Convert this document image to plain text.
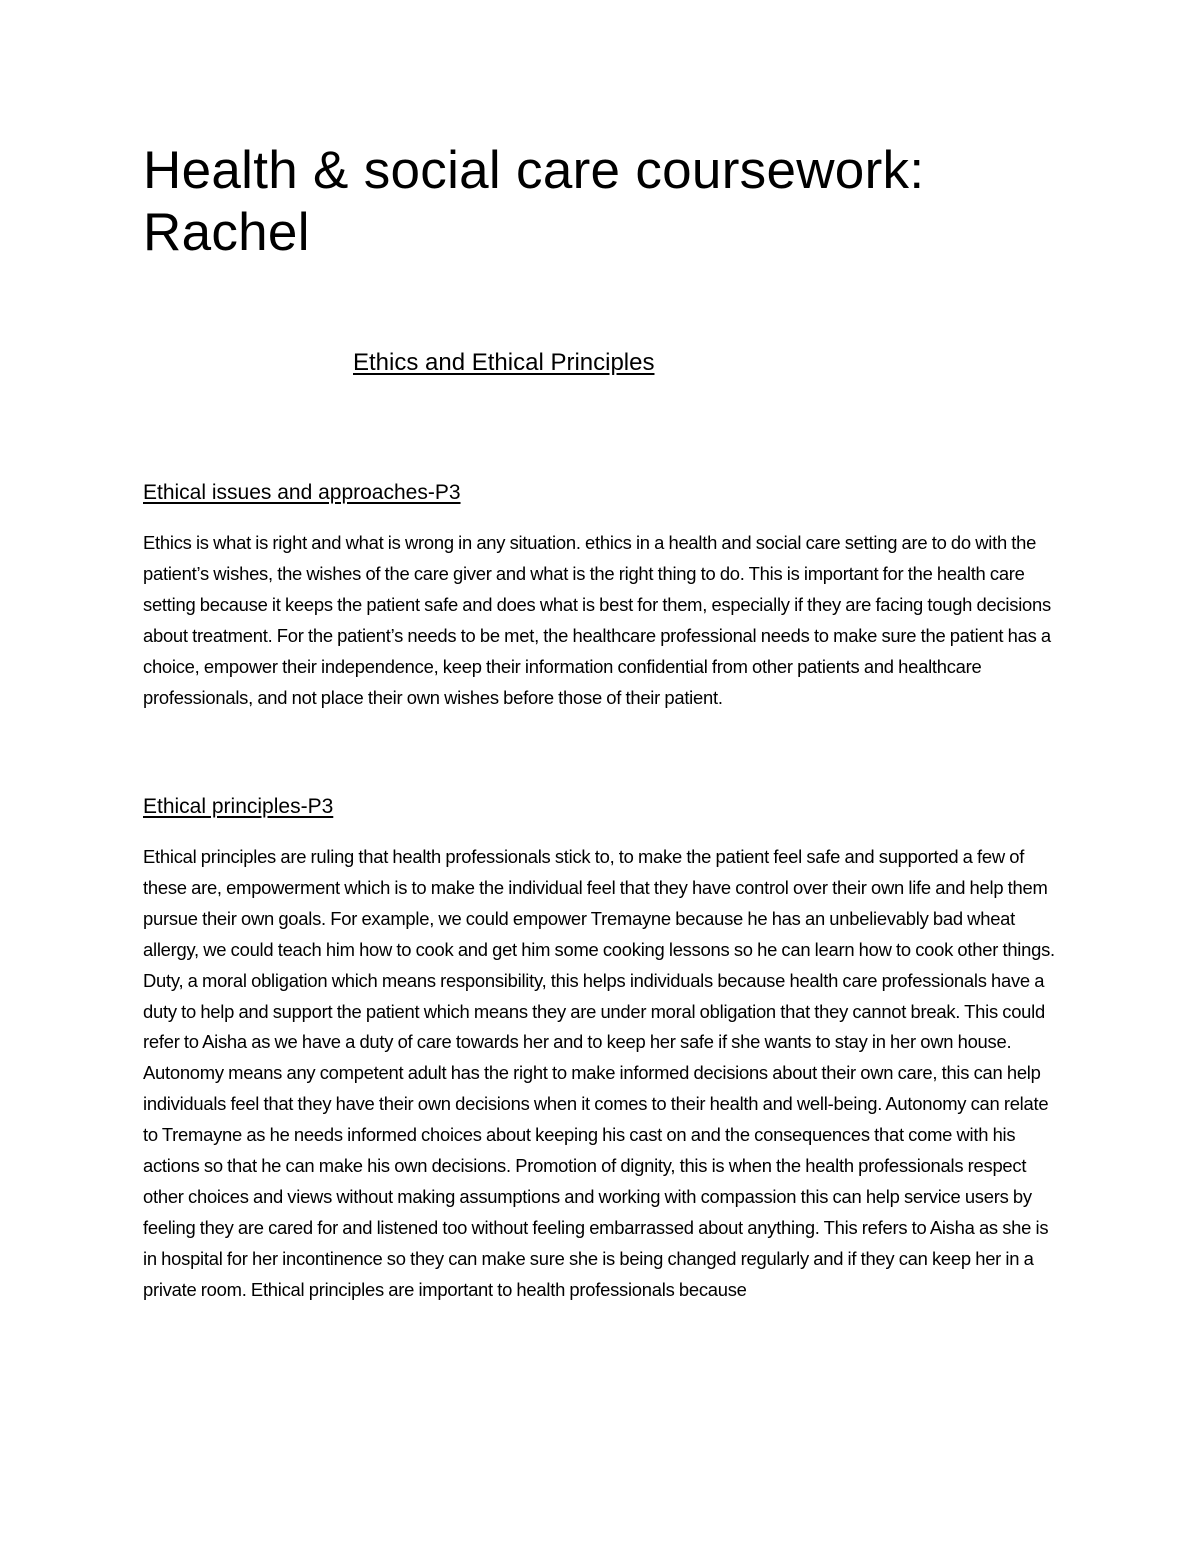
Health & social care coursework: Rachel
Ethics and Ethical Principles
Ethical issues and approaches-P3

Ethics is what is right and what is wrong in any situation. ethics in a health and social care setting are to do with the patient’s wishes, the wishes of the care giver and what is the right thing to do. This is important for the health care setting because it keeps the patient safe and does what is best for them, especially if they are facing tough decisions about treatment. For the patient’s needs to be met, the healthcare professional needs to make sure the patient has a choice, empower their independence, keep their information confidential from other patients and healthcare professionals, and not place their own wishes before those of their patient.

Ethical principles-P3

Ethical principles are ruling that health professionals stick to, to make the patient feel safe and supported a few of these are, empowerment which is to make the individual feel that they have control over their own life and help them pursue their own goals. For example, we could empower Tremayne because he has an unbelievably bad wheat allergy, we could teach him how to cook and get him some cooking lessons so he can learn how to cook other things. Duty, a moral obligation which means responsibility, this helps individuals because health care professionals have a duty to help and support the patient which means they are under moral obligation that they cannot break. This could refer to Aisha as we have a duty of care towards her and to keep her safe if she wants to stay in her own house. Autonomy means any competent adult has the right to make informed decisions about their own care, this can help individuals feel that they have their own decisions when it comes to their health and well-being. Autonomy can relate to Tremayne as he needs informed choices about keeping his cast on and the consequences that come with his actions so that he can make his own decisions. Promotion of dignity, this is when the health professionals respect other choices and views without making assumptions and working with compassion this can help service users by feeling they are cared for and listened too without feeling embarrassed about anything. This refers to Aisha as she is in hospital for her incontinence so they can make sure she is being changed regularly and if they can keep her in a private room. Ethical principles are important to health professionals because
